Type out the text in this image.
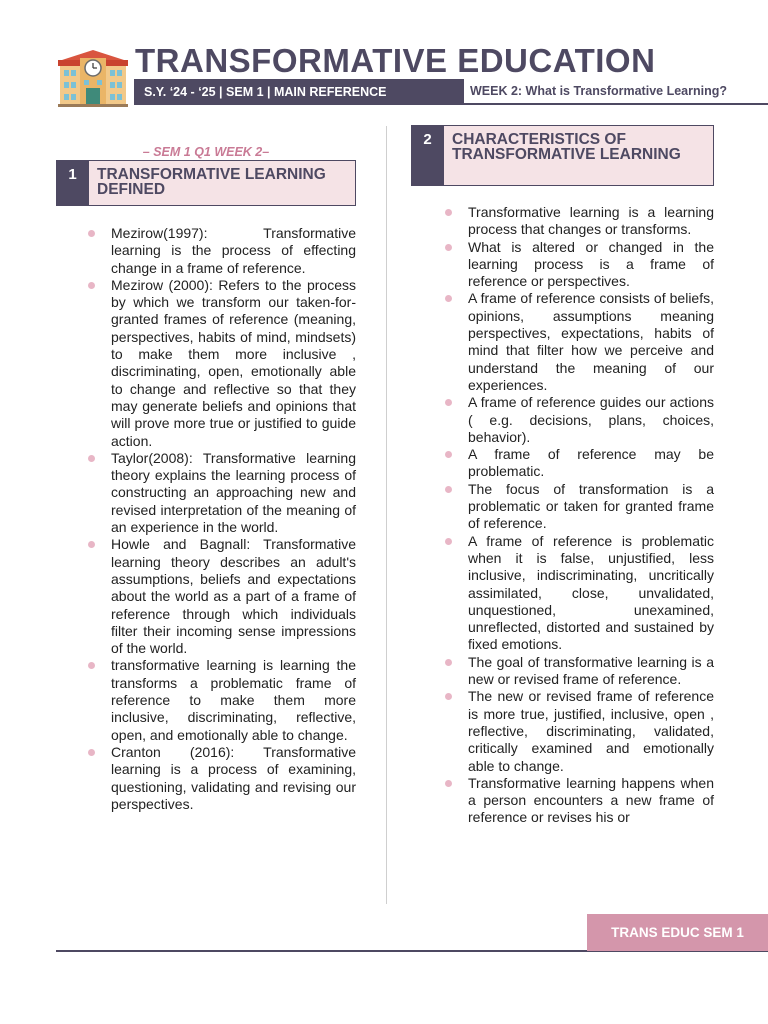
TRANSFORMATIVE EDUCATION
S.Y. ‘24 - ‘25 | SEM 1 | MAIN REFERENCE	WEEK 2: What is Transformative Learning?
– SEM 1 Q1 WEEK 2–
1	TRANSFORMATIVE LEARNING DEFINED
Mezirow(1997): Transformative learning is the process of effecting change in a frame of reference.
Mezirow (2000): Refers to the process by which we transform our taken-for-granted frames of reference (meaning, perspectives, habits of mind, mindsets) to make them more inclusive , discriminating, open, emotionally able to change and reflective so that they may generate beliefs and opinions that will prove more true or justified to guide action.
Taylor(2008): Transformative learning theory explains the learning process of constructing an approaching new and revised interpretation of the meaning of an experience in the world.
Howle and Bagnall: Transformative learning theory describes an adult's assumptions, beliefs and expectations about the world as a part of a frame of reference through which individuals filter their incoming sense impressions of the world.
transformative learning is learning the transforms a problematic frame of reference to make them more inclusive, discriminating, reflective, open, and emotionally able to change.
Cranton (2016): Transformative learning is a process of examining, questioning, validating and revising our perspectives.
2	CHARACTERISTICS OF TRANSFORMATIVE LEARNING
Transformative learning is a learning process that changes or transforms.
What is altered or changed in the learning process is a frame of reference or perspectives.
A frame of reference consists of beliefs, opinions, assumptions meaning perspectives, expectations, habits of mind that filter how we perceive and understand the meaning of our experiences.
A frame of reference guides our actions ( e.g. decisions, plans, choices, behavior).
A frame of reference may be problematic.
The focus of transformation is a problematic or taken for granted frame of reference.
A frame of reference is problematic when it is false, unjustified, less inclusive, indiscriminating, uncritically assimilated, close, unvalidated, unquestioned, unexamined, unreflected, distorted and sustained by fixed emotions.
The goal of transformative learning is a new or revised frame of reference.
The new or revised frame of reference is more true, justified, inclusive, open , reflective, discriminating, validated, critically examined and emotionally able to change.
Transformative learning happens when a person encounters a new frame of reference or revises his or
TRANS EDUC SEM 1
